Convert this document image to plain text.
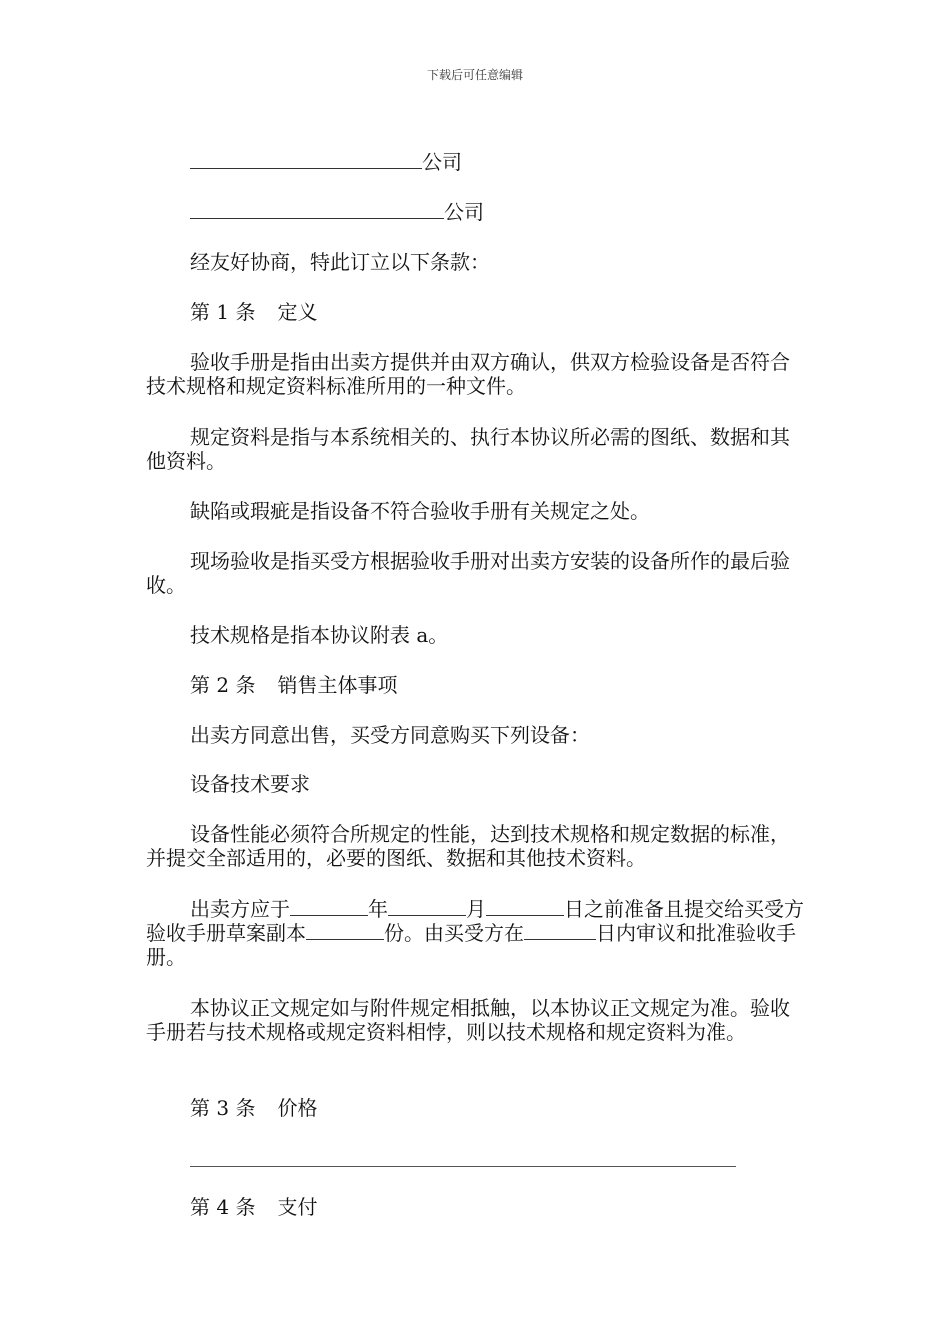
下载后可任意编辑
公司
公司
经友好协商，特此订立以下条款：
第 1 条 定义
验收手册是指由出卖方提供并由双方确认，供双方检验设备是否符合技术规格和规定资料标准所用的一种文件。
规定资料是指与本系统相关的、执行本协议所必需的图纸、数据和其他资料。
缺陷或瑕疵是指设备不符合验收手册有关规定之处。
现场验收是指买受方根据验收手册对出卖方安装的设备所作的最后验收。
技术规格是指本协议附表 a。
第 2 条 销售主体事项
出卖方同意出售，买受方同意购买下列设备：
设备技术要求
设备性能必须符合所规定的性能，达到技术规格和规定数据的标准，并提交全部适用的，必要的图纸、数据和其他技术资料。
出卖方应于	年	月	日之前准备且提交给买受方验收手册草案副本	份。由买受方在	日内审议和批准验收手册。
本协议正文规定如与附件规定相抵触，以本协议正文规定为准。验收手册若与技术规格或规定资料相悖，则以技术规格和规定资料为准。
第 3 条 价格
第 4 条 支付
